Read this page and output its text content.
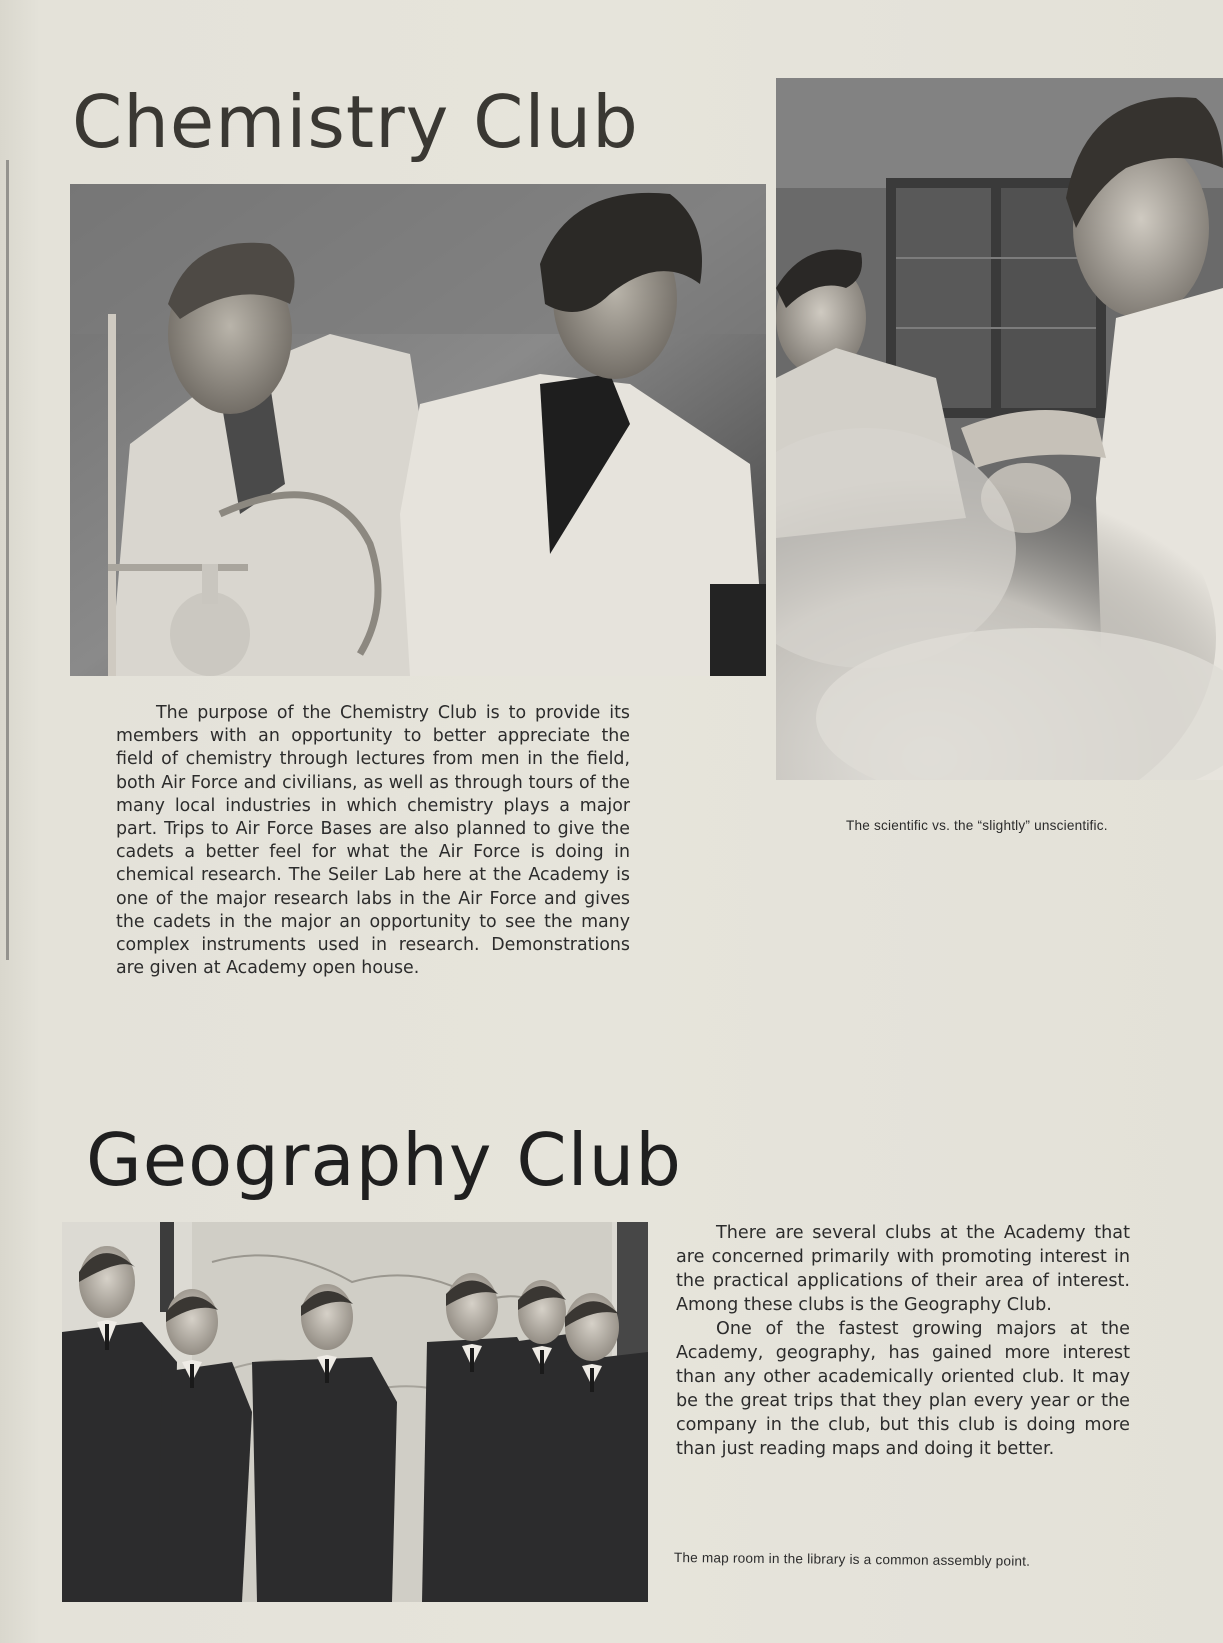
Chemistry Club

The purpose of the Chemistry Club is to provide its members with an opportunity to better appreciate the field of chemistry through lectures from men in the field, both Air Force and civilians, as well as through tours of the many local industries in which chemistry plays a major part. Trips to Air Force Bases are also planned to give the cadets a better feel for what the Air Force is doing in chemical research. The Seiler Lab here at the Academy is one of the major research labs in the Air Force and gives the cadets in the major an opportunity to see the many complex instruments used in research. Demonstrations are given at Academy open house.

The scientific vs. the “slightly” unscientific.

Geography Club

There are several clubs at the Academy that are concerned primarily with promoting interest in the practical applications of their area of interest. Among these clubs is the Geography Club.

One of the fastest growing majors at the Academy, geography, has gained more interest than any other academically oriented club. It may be the great trips that they plan every year or the company in the club, but this club is doing more than just reading maps and doing it better.

The map room in the library is a common assembly point.
